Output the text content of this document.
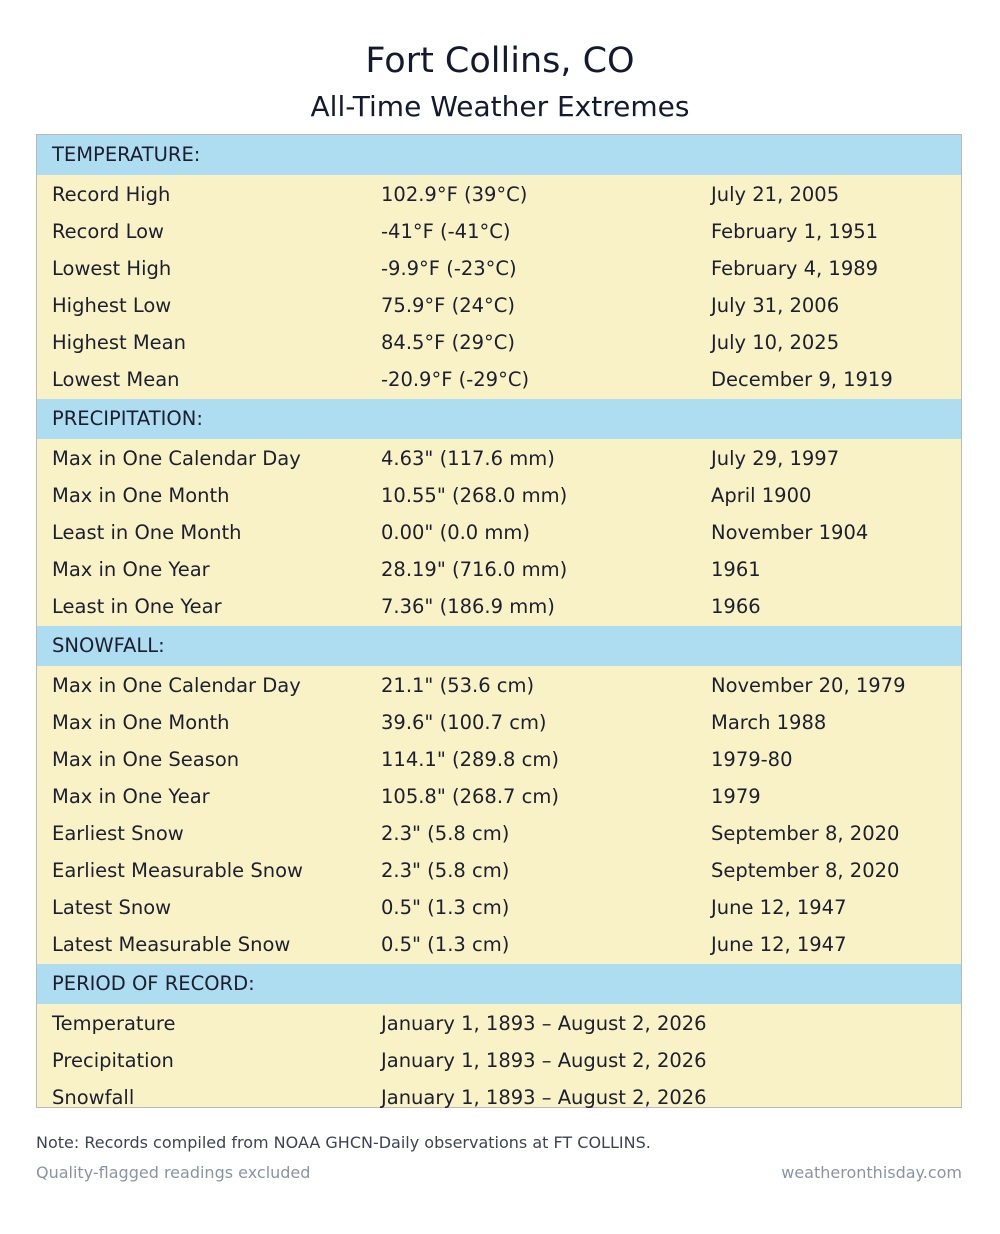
Fort Collins, CO
All-Time Weather Extremes
TEMPERATURE:
Record High	102.9°F (39°C)	July 21, 2005
Record Low	-41°F (-41°C)	February 1, 1951
Lowest High	-9.9°F (-23°C)	February 4, 1989
Highest Low	75.9°F (24°C)	July 31, 2006
Highest Mean	84.5°F (29°C)	July 10, 2025
Lowest Mean	-20.9°F (-29°C)	December 9, 1919
PRECIPITATION:
Max in One Calendar Day	4.63" (117.6 mm)	July 29, 1997
Max in One Month	10.55" (268.0 mm)	April 1900
Least in One Month	0.00" (0.0 mm)	November 1904
Max in One Year	28.19" (716.0 mm)	1961
Least in One Year	7.36" (186.9 mm)	1966
SNOWFALL:
Max in One Calendar Day	21.1" (53.6 cm)	November 20, 1979
Max in One Month	39.6" (100.7 cm)	March 1988
Max in One Season	114.1" (289.8 cm)	1979-80
Max in One Year	105.8" (268.7 cm)	1979
Earliest Snow	2.3" (5.8 cm)	September 8, 2020
Earliest Measurable Snow	2.3" (5.8 cm)	September 8, 2020
Latest Snow	0.5" (1.3 cm)	June 12, 1947
Latest Measurable Snow	0.5" (1.3 cm)	June 12, 1947
PERIOD OF RECORD:
Temperature	January 1, 1893 – August 2, 2026
Precipitation	January 1, 1893 – August 2, 2026
Snowfall	January 1, 1893 – August 2, 2026
Note: Records compiled from NOAA GHCN-Daily observations at FT COLLINS.
Quality-flagged readings excluded	weatheronthisday.com
